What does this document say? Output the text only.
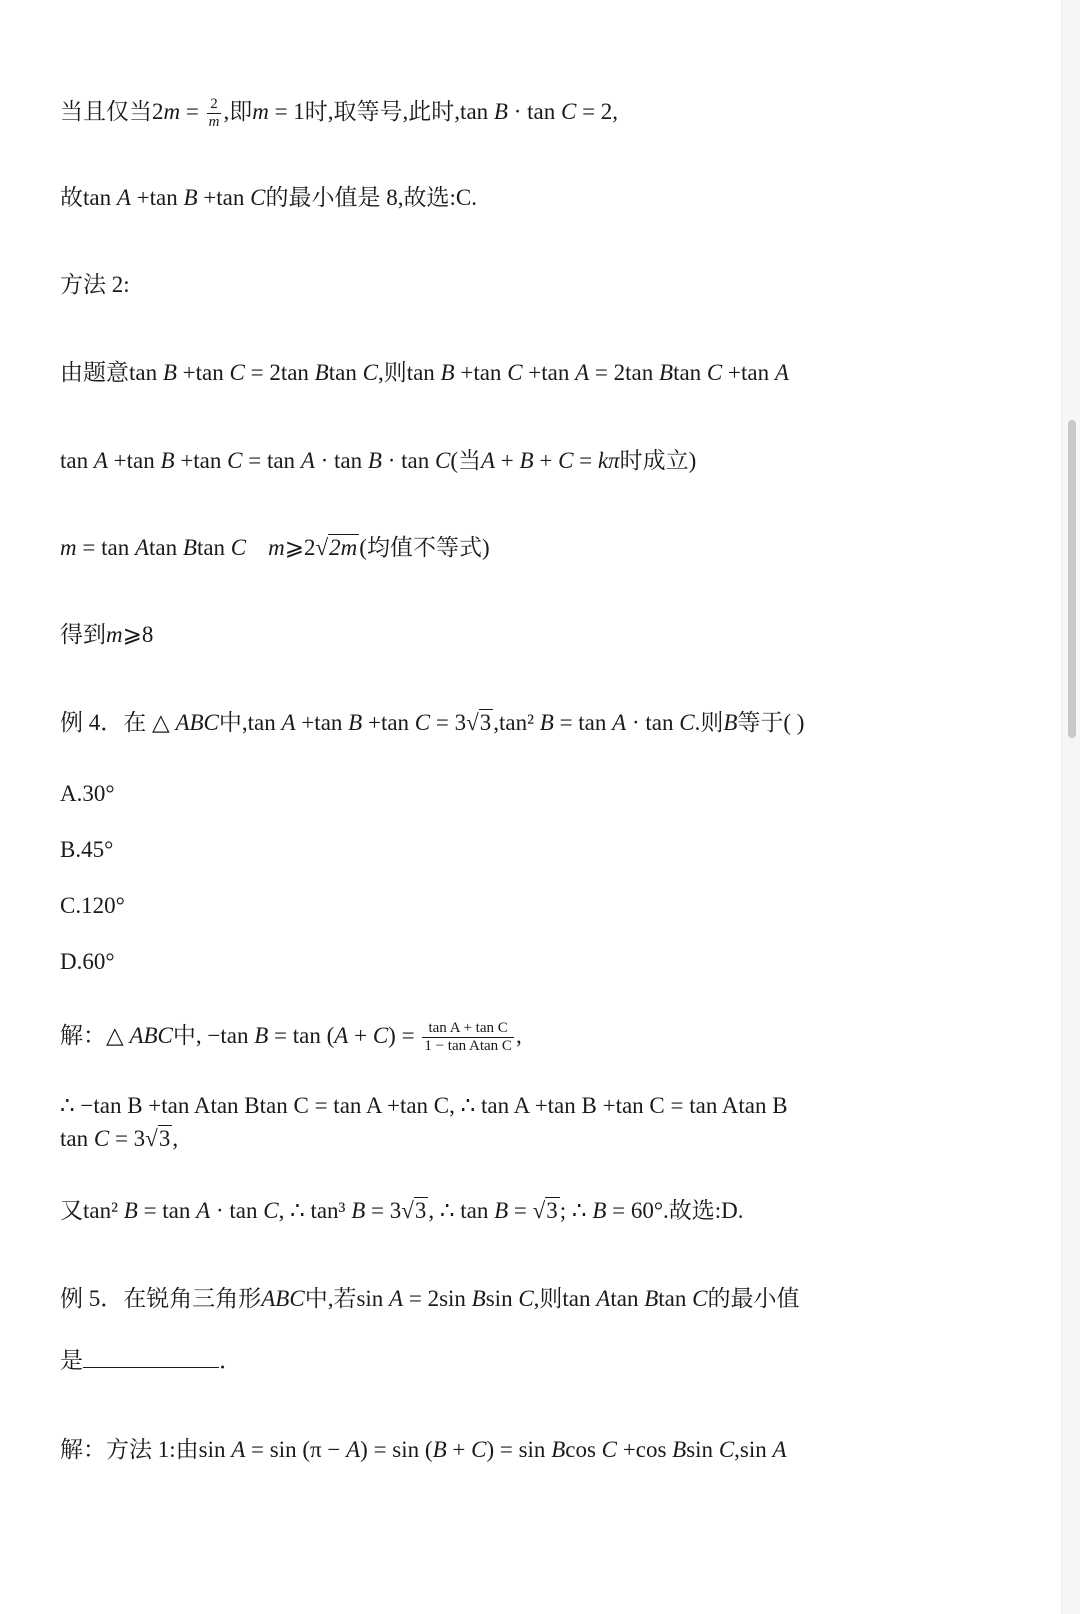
当且仅当$2m = \frac{2}{m}$ ,即m = 1时,取等号,此时,tan B · tan C = 2,
故tan A +tan B +tan C的最小值是 8,故选:C.
方法 2:
由题意tan B +tan C = 2tan Btan C,则tan B +tan C +tan A = 2tan Btan C +tan A
tan A +tan B +tan C = tan A · tan B · tan C(当A + B + C = kπ时成立)
m = tan Atan Btan C m⩾2√2m(均值不等式)
得到m⩾8
例 4．在 △ ABC中,tan A +tan B +tan C = 3√3,tan² B = tan A · tan C.则B等于( )
A.30°
B.45°
C.120°
D.60°
解：△ ABC中, −tan $B = \tan (A + C) = \frac{\text{tan A + tan C}}{\text{1 − tan Atan C}}$ ,
∴ −tan B +tan Atan Btan C = tan A +tan C, ∴ tan A +tan B +tan C = tan Atan B
tan C = 3√3,
又tan² B = tan A · tan C, ∴ tan³ B = 3√3, ∴ tan B = √3; ∴ B = 60°.故选:D.
例 5．在锐角三角形ABC中,若sin A = 2sin Bsin C,则tan Atan Btan C的最小值
是	．
解：方法 1:由sin A = sin (π − A) = sin (B + C) = sin Bcos C +cos Bsin C,sin A
